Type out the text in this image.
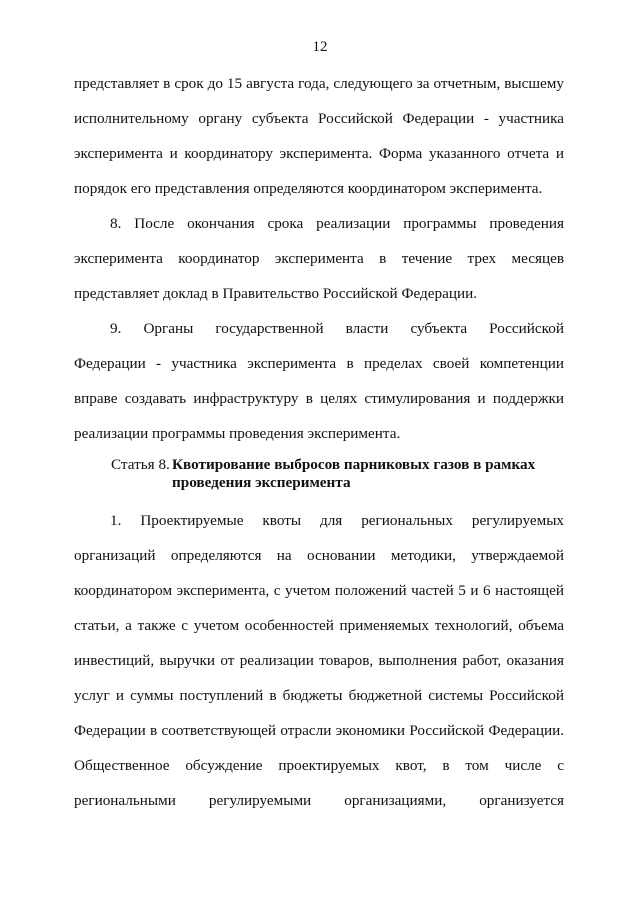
12

представляет в срок до 15 августа года, следующего за отчетным, высшему

исполнительному органу субъекта Российской Федерации - участника

эксперимента и координатору эксперимента. Форма указанного отчета и

порядок его представления определяются координатором эксперимента.

8. После окончания срока реализации программы проведения

эксперимента координатор эксперимента в течение трех месяцев

представляет доклад в Правительство Российской Федерации.

9. Органы государственной власти субъекта Российской

Федерации - участника эксперимента в пределах своей компетенции

вправе создавать инфраструктуру в целях стимулирования и поддержки

реализации программы проведения эксперимента.

Статья 8. Квотирование выбросов парниковых газов в рамках
проведения эксперимента

1. Проектируемые квоты для региональных регулируемых

организаций определяются на основании методики, утверждаемой

координатором эксперимента, с учетом положений частей 5 и 6 настоящей

статьи, а также с учетом особенностей применяемых технологий, объема

инвестиций, выручки от реализации товаров, выполнения работ, оказания

услуг и суммы поступлений в бюджеты бюджетной системы Российской

Федерации в соответствующей отрасли экономики Российской Федерации.

Общественное обсуждение проектируемых квот, в том числе с

региональными регулируемыми организациями, организуется
